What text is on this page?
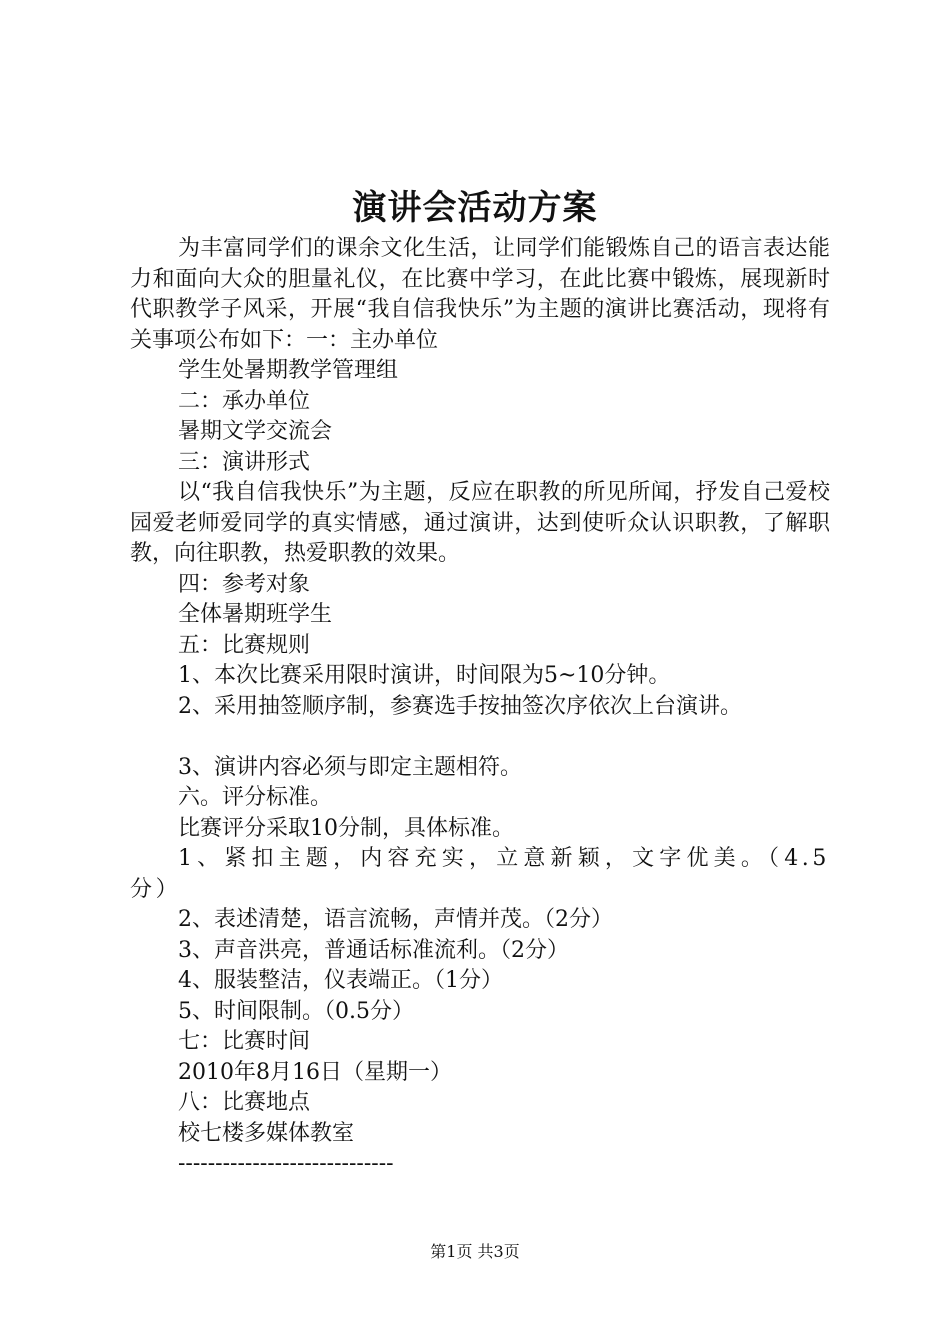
演讲会活动方案

为丰富同学们的课余文化生活，让同学们能锻炼自己的语言表达能力和面向大众的胆量礼仪，在比赛中学习，在此比赛中锻炼，展现新时代职教学子风采，开展“我自信我快乐”为主题的演讲比赛活动，现将有关事项公布如下：一：主办单位

学生处暑期教学管理组

二：承办单位

暑期文学交流会

三：演讲形式

以“我自信我快乐”为主题，反应在职教的所见所闻，抒发自己爱校园爱老师爱同学的真实情感，通过演讲，达到使听众认识职教，了解职教，向往职教，热爱职教的效果。

四：参考对象

全体暑期班学生

五：比赛规则

1、本次比赛采用限时演讲，时间限为5~10分钟。

2、采用抽签顺序制，参赛选手按抽签次序依次上台演讲。

3、演讲内容必须与即定主题相符。

六。评分标准。

比赛评分采取10分制，具体标准。

1、紧扣主题，内容充实，立意新颖，文字优美。（4.5分）

2、表述清楚，语言流畅，声情并茂。（2分）

3、声音洪亮，普通话标准流利。（2分）

4、服装整洁，仪表端正。（1分）

5、时间限制。（0.5分）

七：比赛时间

2010年8月16日（星期一）

八：比赛地点

校七楼多媒体教室

-----------------------------

第1页 共3页
